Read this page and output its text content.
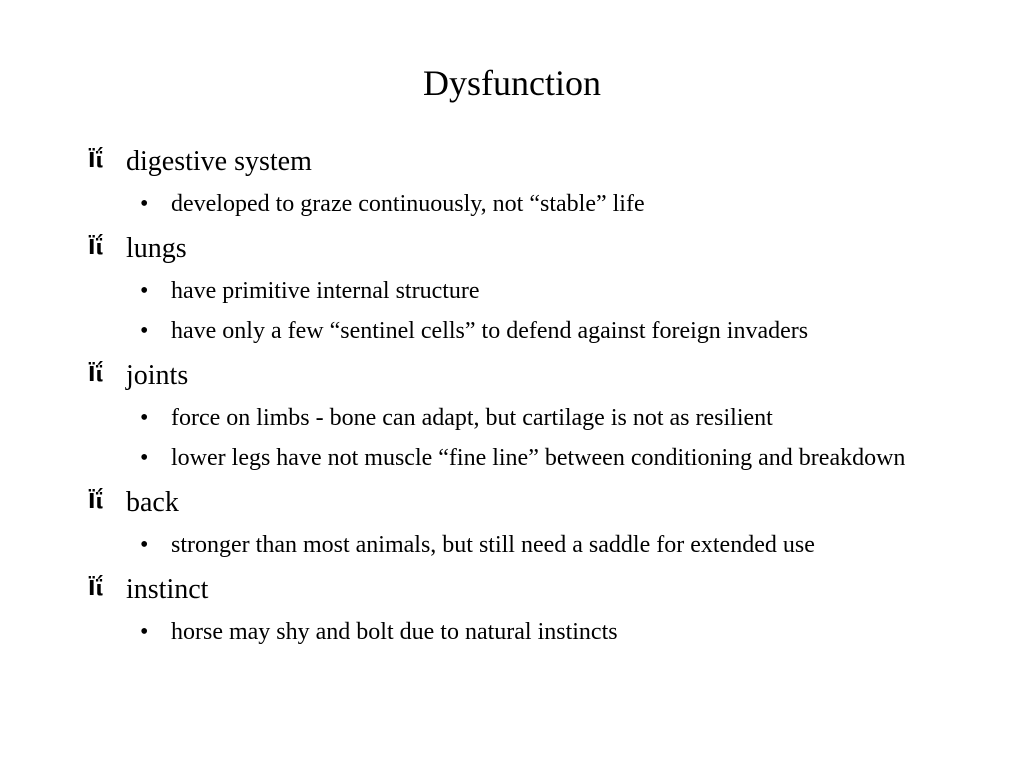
Dysfunction
Ϊΐ digestive system
• developed to graze continuously, not “stable” life
Ϊΐ lungs
• have primitive internal structure
• have only a few “sentinel cells” to defend against foreign invaders
Ϊΐ joints
• force on limbs - bone can adapt, but cartilage is not as resilient
• lower legs have not muscle “fine line” between conditioning and breakdown
Ϊΐ back
• stronger than most animals, but still need a saddle for extended use
Ϊΐ instinct
• horse may shy and bolt due to natural instincts
